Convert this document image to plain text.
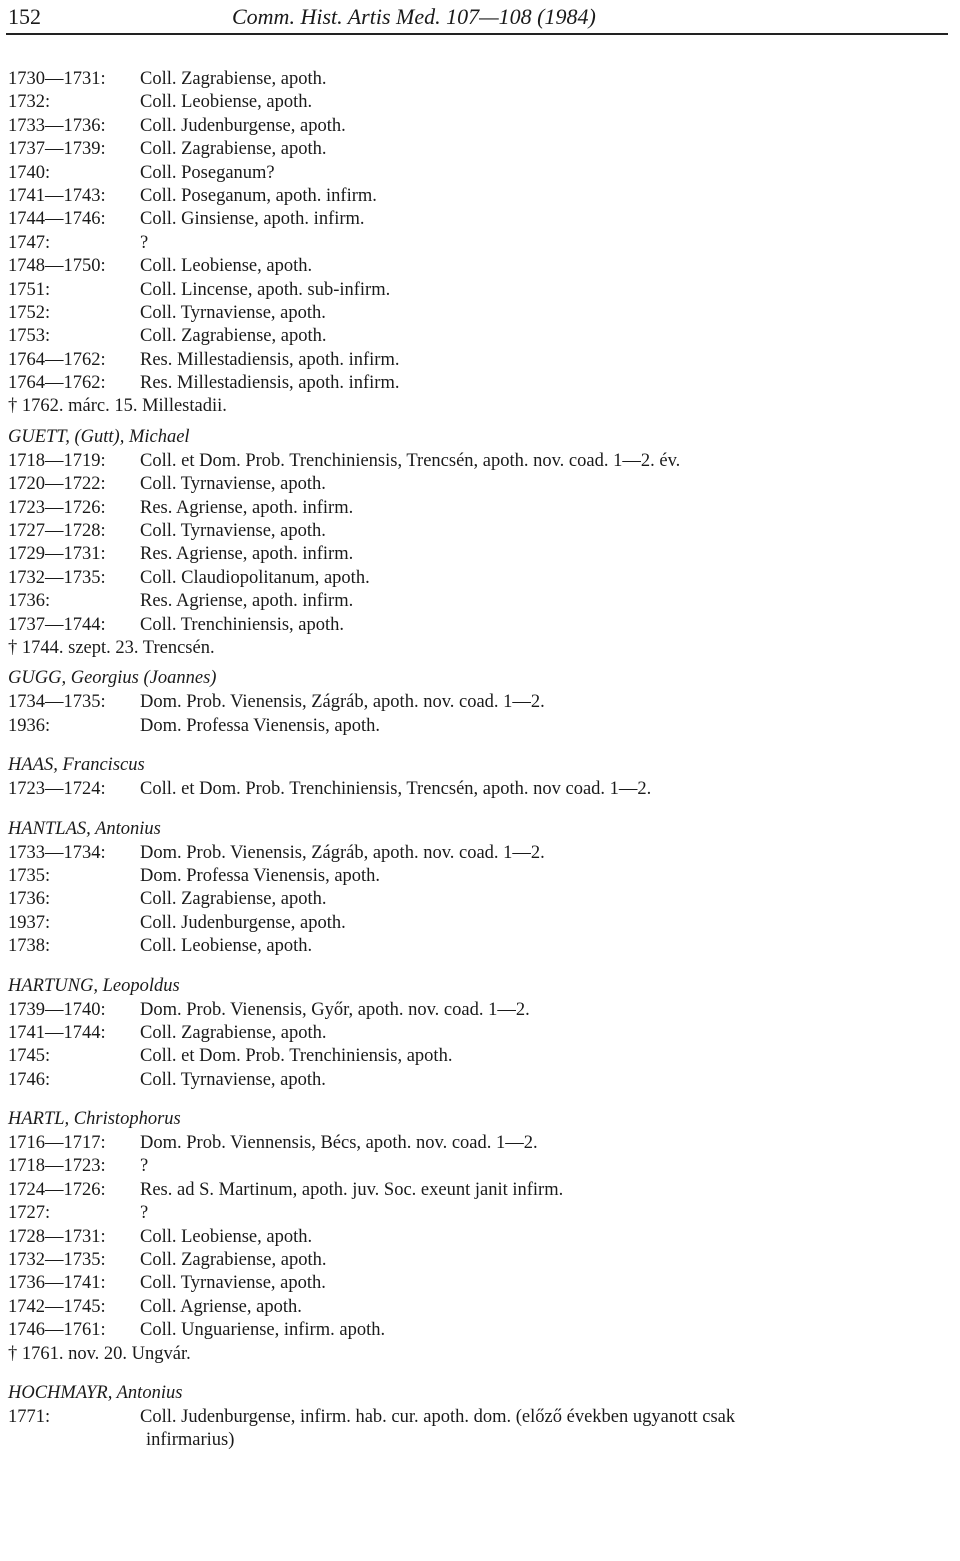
152	Comm. Hist. Artis Med. 107—108 (1984)
1730—1731: Coll. Zagrabiense, apoth.
1732:	Coll. Leobiense, apoth.
1733—1736: Coll. Judenburgense, apoth.
1737—1739: Coll. Zagrabiense, apoth.
1740:	Coll. Poseganum?
1741—1743: Coll. Poseganum, apoth. infirm.
1744—1746: Coll. Ginsiense, apoth. infirm.
1747:	?
1748—1750: Coll. Leobiense, apoth.
1751:	Coll. Lincense, apoth. sub-infirm.
1752:	Coll. Tyrnaviense, apoth.
1753:	Coll. Zagrabiense, apoth.
1764—1762: Res. Millestadiensis, apoth. infirm.
1764—1762: Res. Millestadiensis, apoth. infirm.
† 1762. márc. 15. Millestadii.
GUETT, (Gutt), Michael
1718—1719: Coll. et Dom. Prob. Trenchiniensis, Trencsén, apoth. nov. coad. 1—2. év.
1720—1722: Coll. Tyrnaviense, apoth.
1723—1726: Res. Agriense, apoth. infirm.
1727—1728: Coll. Tyrnaviense, apoth.
1729—1731: Res. Agriense, apoth. infirm.
1732—1735: Coll. Claudiopolitanum, apoth.
1736:	Res. Agriense, apoth. infirm.
1737—1744: Coll. Trenchiniensis, apoth.
† 1744. szept. 23. Trencsén.
GUGG, Georgius (Joannes)
1734—1735: Dom. Prob. Vienensis, Zágráb, apoth. nov. coad. 1—2.
1936:	Dom. Professa Vienensis, apoth.
HAAS, Franciscus
1723—1724: Coll. et Dom. Prob. Trenchiniensis, Trencsén, apoth. nov coad. 1—2.
HANTLAS, Antonius
1733—1734: Dom. Prob. Vienensis, Zágráb, apoth. nov. coad. 1—2.
1735:	Dom. Professa Vienensis, apoth.
1736:	Coll. Zagrabiense, apoth.
1937:	Coll. Judenburgense, apoth.
1738:	Coll. Leobiense, apoth.
HARTUNG, Leopoldus
1739—1740: Dom. Prob. Vienensis, Győr, apoth. nov. coad. 1—2.
1741—1744: Coll. Zagrabiense, apoth.
1745:	Coll. et Dom. Prob. Trenchiniensis, apoth.
1746:	Coll. Tyrnaviense, apoth.
HARTL, Christophorus
1716—1717: Dom. Prob. Viennensis, Bécs, apoth. nov. coad. 1—2.
1718—1723: ?
1724—1726: Res. ad S. Martinum, apoth. juv. Soc. exeunt janit infirm.
1727:	?
1728—1731: Coll. Leobiense, apoth.
1732—1735: Coll. Zagrabiense, apoth.
1736—1741: Coll. Tyrnaviense, apoth.
1742—1745: Coll. Agriense, apoth.
1746—1761: Coll. Unguariense, infirm. apoth.
† 1761. nov. 20. Ungvár.
HOCHMAYR, Antonius
1771:	Coll. Judenburgense, infirm. hab. cur. apoth. dom. (előző években ugyanott csak
infirmarius)
